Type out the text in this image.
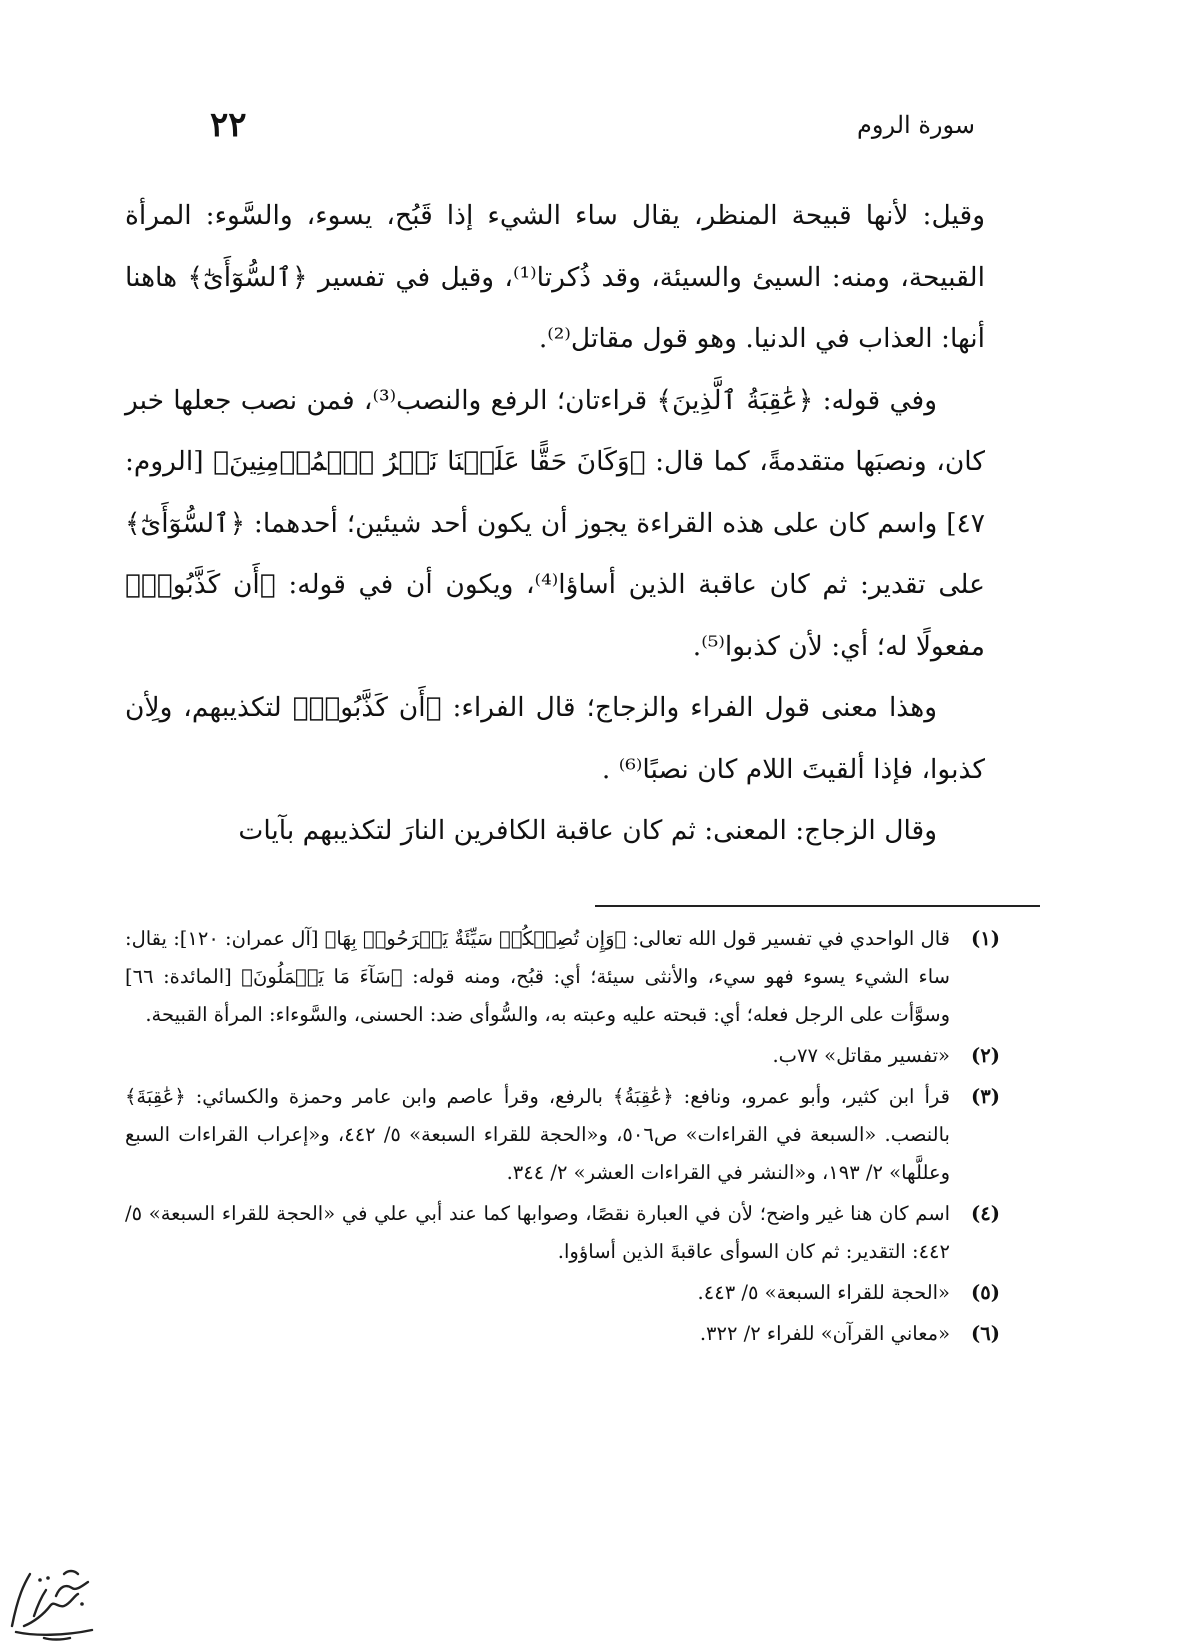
سورة الروم
٢٢

وقيل: لأنها قبيحة المنظر، يقال ساء الشيء إذا قَبُح، يسوء، والسَّوء: المرأة القبيحة، ومنه: السيئ والسيئة، وقد ذُكرتا⁽¹⁾، وقيل في تفسير ﴿ٱلسُّوٓأَىٰٓ﴾ هاهنا أنها: العذاب في الدنيا. وهو قول مقاتل⁽²⁾.

وفي قوله: ﴿عَٰقِبَةُ ٱلَّذِينَ﴾ قراءتان؛ الرفع والنصب⁽³⁾، فمن نصب جعلها خبر كان، ونصبَها متقدمةً، كما قال: ﴿وَكَانَ حَقًّا عَلَيۡنَا نَصۡرُ ٱلۡمُؤۡمِنِينَ﴾ [الروم: ٤٧] واسم كان على هذه القراءة يجوز أن يكون أحد شيئين؛ أحدهما: ﴿ٱلسُّوٓأَىٰٓ﴾ على تقدير: ثم كان عاقبة الذين أساؤا⁽⁴⁾، ويكون أن في قوله: ﴿أَن كَذَّبُوا۟﴾ مفعولًا له؛ أي: لأن كذبوا⁽⁵⁾.

وهذا معنى قول الفراء والزجاج؛ قال الفراء: ﴿أَن كَذَّبُوا۟﴾ لتكذيبهم، ولِأن كذبوا، فإذا ألقيتَ اللام كان نصبًا⁽⁶⁾ .

وقال الزجاج: المعنى: ثم كان عاقبة الكافرين النارَ لتكذيبهم بآيات

(١)
قال الواحدي في تفسير قول الله تعالى: ﴿وَإِن تُصِبۡكُمۡ سَيِّئَةٌ يَفۡرَحُوا۟ بِهَا﴾ [آل عمران: ١٢٠]: يقال: ساء الشيء يسوء فهو سيء، والأنثى سيئة؛ أي: قبُح، ومنه قوله: ﴿سَآءَ مَا يَعۡمَلُونَ﴾ [المائدة: ٦٦] وسوَّأت على الرجل فعله؛ أي: قبحته عليه وعبته به، والسُّوأى ضد: الحسنى، والسَّوءاء: المرأة القبيحة.
(٢)
«تفسير مقاتل» ٧٧ب.
(٣)
قرأ ابن كثير، وأبو عمرو، ونافع: ﴿عَٰقِبَةُ﴾ بالرفع، وقرأ عاصم وابن عامر وحمزة والكسائي: ﴿عَٰقِبَةَ﴾ بالنصب. «السبعة في القراءات» ص٥٠٦، و«الحجة للقراء السبعة» ٥/ ٤٤٢، و«إعراب القراءات السبع وعللَّها» ٢/ ١٩٣، و«النشر في القراءات العشر» ٢/ ٣٤٤.
(٤)
اسم كان هنا غير واضح؛ لأن في العبارة نقصًا، وصوابها كما عند أبي علي في «الحجة للقراء السبعة» ٥/ ٤٤٢: التقدير: ثم كان السوأى عاقبةَ الذين أساؤوا.
(٥)
«الحجة للقراء السبعة» ٥/ ٤٤٣.
(٦)
«معاني القرآن» للفراء ٢/ ٣٢٢.
